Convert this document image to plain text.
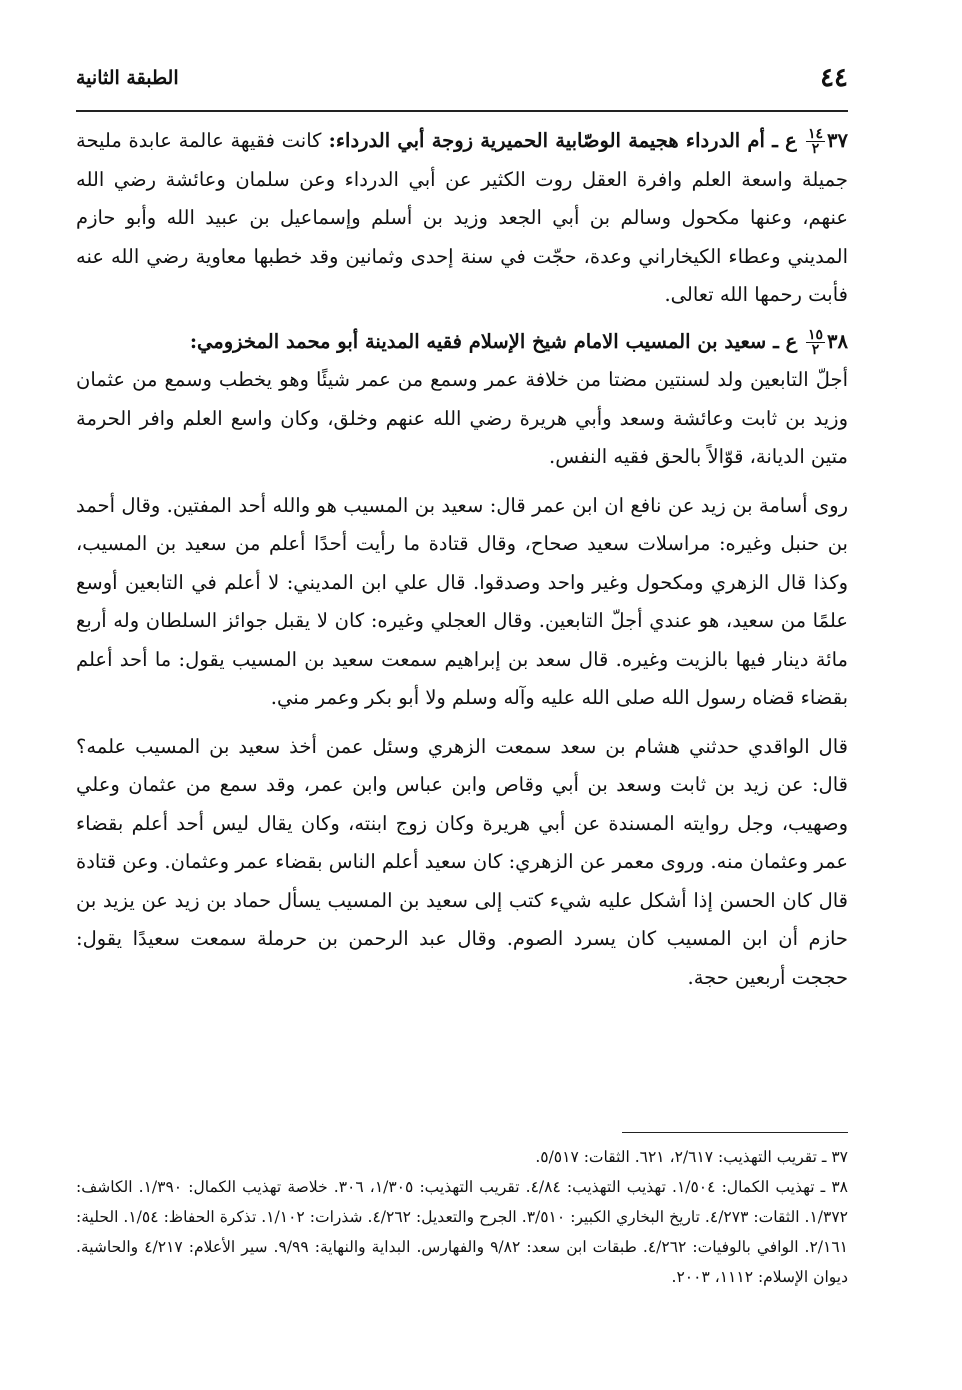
٤٤
الطبقة الثانية

٣٧
$\frac{١٤}{٢}$
ع ـ أم الدرداء هجيمة الوصّابية الحميرية زوجة أبي الدرداء: كانت فقيهة عالمة عابدة مليحة جميلة واسعة العلم وافرة العقل روت الكثير عن أبي الدرداء وعن سلمان وعائشة رضي الله عنهم، وعنها مكحول وسالم بن أبي الجعد وزيد بن أسلم وإسماعيل بن عبيد الله وأبو حازم المديني وعطاء الكيخاراني وعدة، حجّت في سنة إحدى وثمانين وقد خطبها معاوية رضي الله عنه فأبت رحمها الله تعالى.

٣٨
$\frac{١٥}{٢}$
ع ـ سعيد بن المسيب الامام شيخ الإسلام فقيه المدينة أبو محمد المخزومي:
أجلّ التابعين ولد لسنتين مضتا من خلافة عمر وسمع من عمر شيئًا وهو يخطب وسمع من عثمان وزيد بن ثابت وعائشة وسعد وأبي هريرة رضي الله عنهم وخلق، وكان واسع العلم وافر الحرمة متين الديانة، قوّالاً بالحق فقيه النفس.

روى أسامة بن زيد عن نافع ان ابن عمر قال: سعيد بن المسيب هو والله أحد المفتين. وقال أحمد بن حنبل وغيره: مراسلات سعيد صحاح، وقال قتادة ما رأيت أحدًا أعلم من سعيد بن المسيب، وكذا قال الزهري ومكحول وغير واحد وصدقوا. قال علي ابن المديني: لا أعلم في التابعين أوسع علمًا من سعيد، هو عندي أجلّ التابعين. وقال العجلي وغيره: كان لا يقبل جوائز السلطان وله أربع مائة دينار فيها بالزيت وغيره. قال سعد بن إبراهيم سمعت سعيد بن المسيب يقول: ما أحد أعلم بقضاء قضاه رسول الله صلى الله عليه وآله وسلم ولا أبو بكر وعمر مني.

قال الواقدي حدثني هشام بن سعد سمعت الزهري وسئل عمن أخذ سعيد بن المسيب علمه؟ قال: عن زيد بن ثابت وسعد بن أبي وقاص وابن عباس وابن عمر، وقد سمع من عثمان وعلي وصهيب، وجل روايته المسندة عن أبي هريرة وكان زوج ابنته، وكان يقال ليس أحد أعلم بقضاء عمر وعثمان منه. وروى معمر عن الزهري: كان سعيد أعلم الناس بقضاء عمر وعثمان. وعن قتادة قال كان الحسن إذا أشكل عليه شيء كتب إلى سعيد بن المسيب يسأل حماد بن زيد عن يزيد بن حازم أن ابن المسيب كان يسرد الصوم. وقال عبد الرحمن بن حرملة سمعت سعيدًا يقول: حججت أربعين حجة.

٣٧ ـ تقريب التهذيب: ٢/٦١٧، ٦٢١. الثقات: ٥/٥١٧.

٣٨ ـ تهذيب الكمال: ١/٥٠٤. تهذيب التهذيب: ٤/٨٤. تقريب التهذيب: ١/٣٠٥، ٣٠٦. خلاصة تهذيب الكمال: ١/٣٩٠. الكاشف: ١/٣٧٢. الثقات: ٤/٢٧٣. تاريخ البخاري الكبير: ٣/٥١٠. الجرح والتعديل: ٤/٢٦٢. شذرات: ١/١٠٢. تذكرة الحفاظ: ١/٥٤. الحلية: ٢/١٦١. الوافي بالوفيات: ٤/٢٦٢. طبقات ابن سعد: ٩/٨٢ والفهارس. البداية والنهاية: ٩/٩٩. سير الأعلام: ٤/٢١٧ والحاشية. ديوان الإسلام: ١١١٢، ٢٠٠٣.
